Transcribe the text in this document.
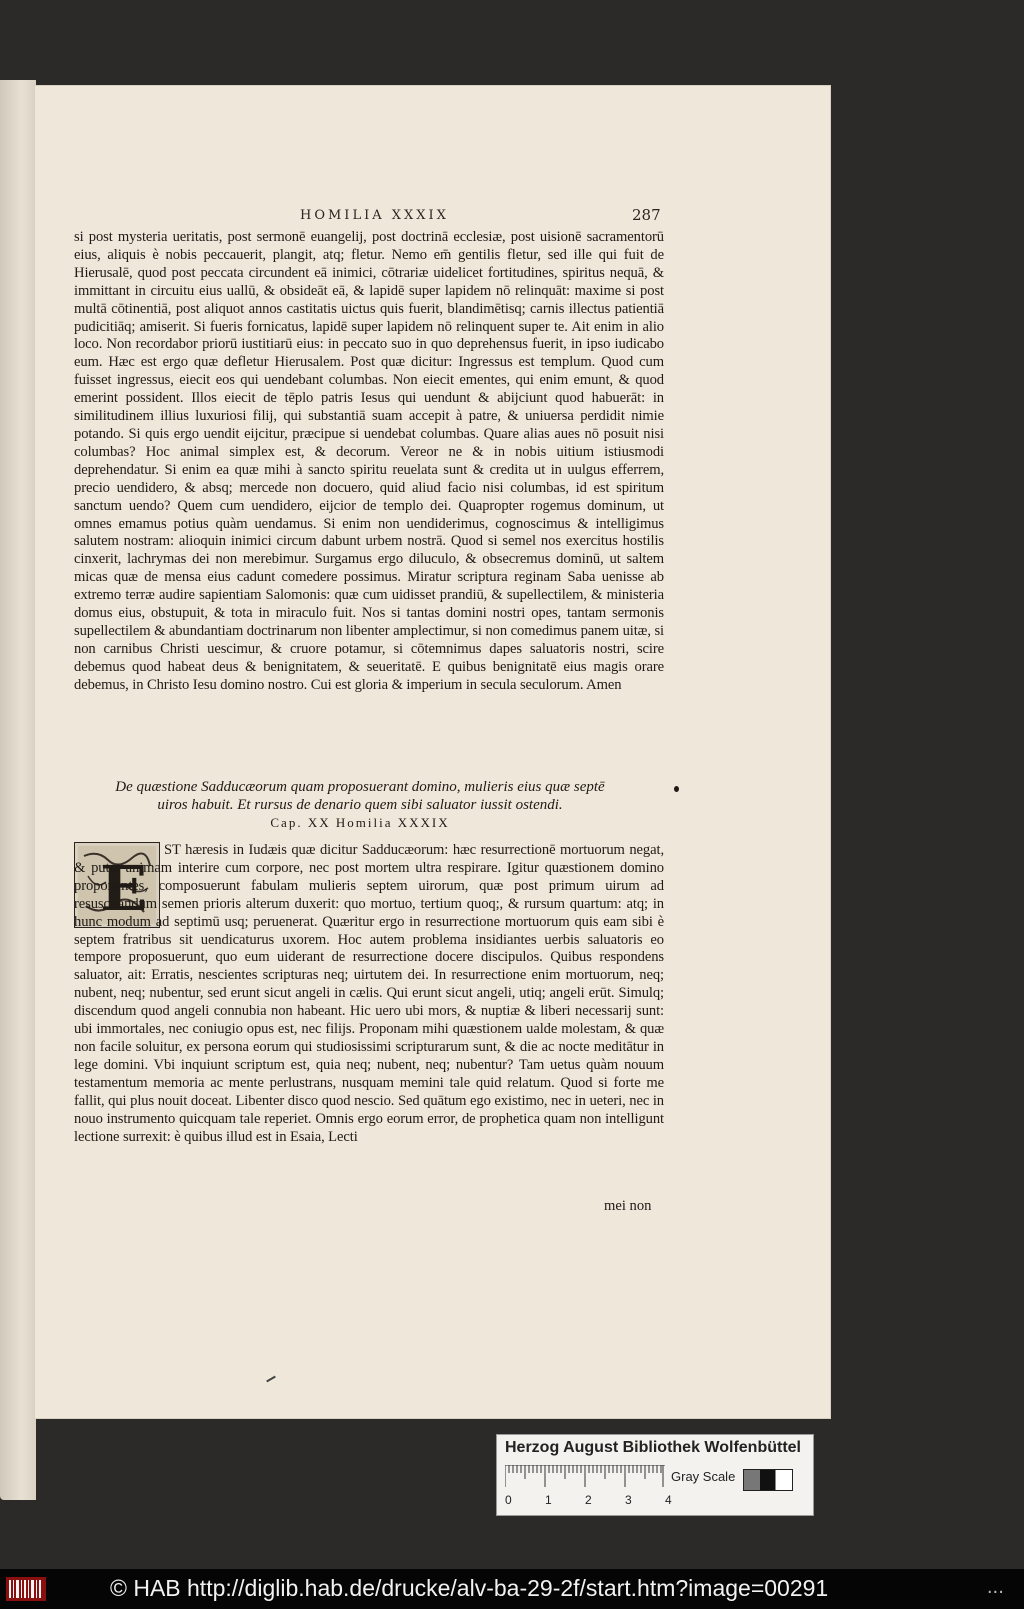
HOMILIA XXXIX	287
si post mysteria ueritatis, post sermonē euangelij, post doctrinā ecclesiæ, post uisionē sacramentorū eius, aliquis è nobis peccauerit, plangit, atq; fletur. Nemo em̄ gentilis fletur, sed ille qui fuit de Hierusalē, quod post peccata circundent eā inimici, cōtrariæ uidelicet fortitudines, spiritus nequā, & immittant in circuitu eius uallū, & obsideāt eā, & lapidē super lapidem nō relinquāt: maxime si post multā cōtinentiā, post aliquot annos castitatis uictus quis fuerit, blandimētisq; carnis illectus patientiā pudicitiāq; amiserit. Si fueris fornicatus, lapidē super lapidem nō relinquent super te. Ait enim in alio loco. Non recordabor priorū iustitiarū eius: in peccato suo in quo deprehensus fuerit, in ipso iudicabo eum. Hæc est ergo quæ defletur Hierusalem. Post quæ dicitur: Ingressus est templum. Quod cum fuisset ingressus, eiecit eos qui uendebant columbas. Non eiecit ementes, qui enim emunt, & quod emerint possident. Illos eiecit de tēplo patris Iesus qui uendunt & abijciunt quod habuerāt: in similitudinem illius luxuriosi filij, qui substantiā suam accepit à patre, & uniuersa perdidit nimie potando. Si quis ergo uendit eijcitur, præcipue si uendebat columbas. Quare alias aues nō posuit nisi columbas? Hoc animal simplex est, & decorum. Vereor ne & in nobis uitium istiusmodi deprehendatur. Si enim ea quæ mihi à sancto spiritu reuelata sunt & credita ut in uulgus efferrem, precio uendidero, & absq; mercede non docuero, quid aliud facio nisi columbas, id est spiritum sanctum uendo? Quem cum uendidero, eijcior de templo dei. Quapropter rogemus dominum, ut omnes emamus potius quàm uendamus. Si enim non uendiderimus, cognoscimus & intelligimus salutem nostram: alioquin inimici circum dabunt urbem nostrā. Quod si semel nos exercitus hostilis cinxerit, lachrymas dei non merebimur. Surgamus ergo diluculo, & obsecremus dominū, ut saltem micas quæ de mensa eius cadunt comedere possimus. Miratur scriptura reginam Saba uenisse ab extremo terræ audire sapientiam Salomonis: quæ cum uidisset prandiū, & supellectilem, & ministeria domus eius, obstupuit, & tota in miraculo fuit. Nos si tantas domini nostri opes, tantam sermonis supellectilem & abundantiam doctrinarum non libenter amplectimur, si non comedimus panem uitæ, si non carnibus Christi uescimur, & cruore potamur, si cōtemnimus dapes saluatoris nostri, scire debemus quod habeat deus & benignitatem, & seueritatē. E quibus benignitatē eius magis orare debemus, in Christo Iesu domino nostro. Cui est gloria & imperium in secula seculorum. Amen
De quæstione Sadducæorum quam proposuerant domino, mulieris eius quæ septē uiros habuit. Et rursus de denario quem sibi saluator iussit ostendi.
Cap. XX Homilia XXXIX
E
ST hæresis in Iudæis quæ dicitur Sadducæorum: hæc resurrectionē mortuorum negat, & putat animam interire cum corpore, nec post mortem ultra respirare. Igitur quæstionem domino proponentes, composuerunt fabulam mulieris septem uirorum, quæ post primum uirum ad resuscitandum semen prioris alterum duxerit: quo mortuo, tertium quoq;, & rursum quartum: atq; in hunc modum ad septimū usq; peruenerat. Quæritur ergo in resurrectione mortuorum quis eam sibi è septem fratribus sit uendicaturus uxorem. Hoc autem problema insidiantes uerbis saluatoris eo tempore proposuerunt, quo eum uiderant de resurrectione docere discipulos. Quibus respondens saluator, ait: Erratis, nescientes scripturas neq; uirtutem dei. In resurrectione enim mortuorum, neq; nubent, neq; nubentur, sed erunt sicut angeli in cælis. Qui erunt sicut angeli, utiq; angeli erūt. Simulq; discendum quod angeli connubia non habeant. Hic uero ubi mors, & nuptiæ & liberi necessarij sunt: ubi immortales, nec coniugio opus est, nec filijs. Proponam mihi quæstionem ualde molestam, & quæ non facile soluitur, ex persona eorum qui studiosissimi scripturarum sunt, & die ac nocte meditātur in lege domini. Vbi inquiunt scriptum est, quia neq; nubent, neq; nubentur? Tam uetus quàm nouum testamentum memoria ac mente perlustrans, nusquam memini tale quid relatum. Quod si forte me fallit, qui plus nouit doceat. Libenter disco quod nescio. Sed quātum ego existimo, nec in ueteri, nec in nouo instrumento quicquam tale reperiet. Omnis ergo eorum error, de prophetica quam non intelligunt lectione surrexit: è quibus illud est in Esaia, Lecti
mei non
Herzog August Bibliothek Wolfenbüttel
0	1	2	3	4
Gray Scale
© HAB http://diglib.hab.de/drucke/alv-ba-29-2f/start.htm?image=00291	...
